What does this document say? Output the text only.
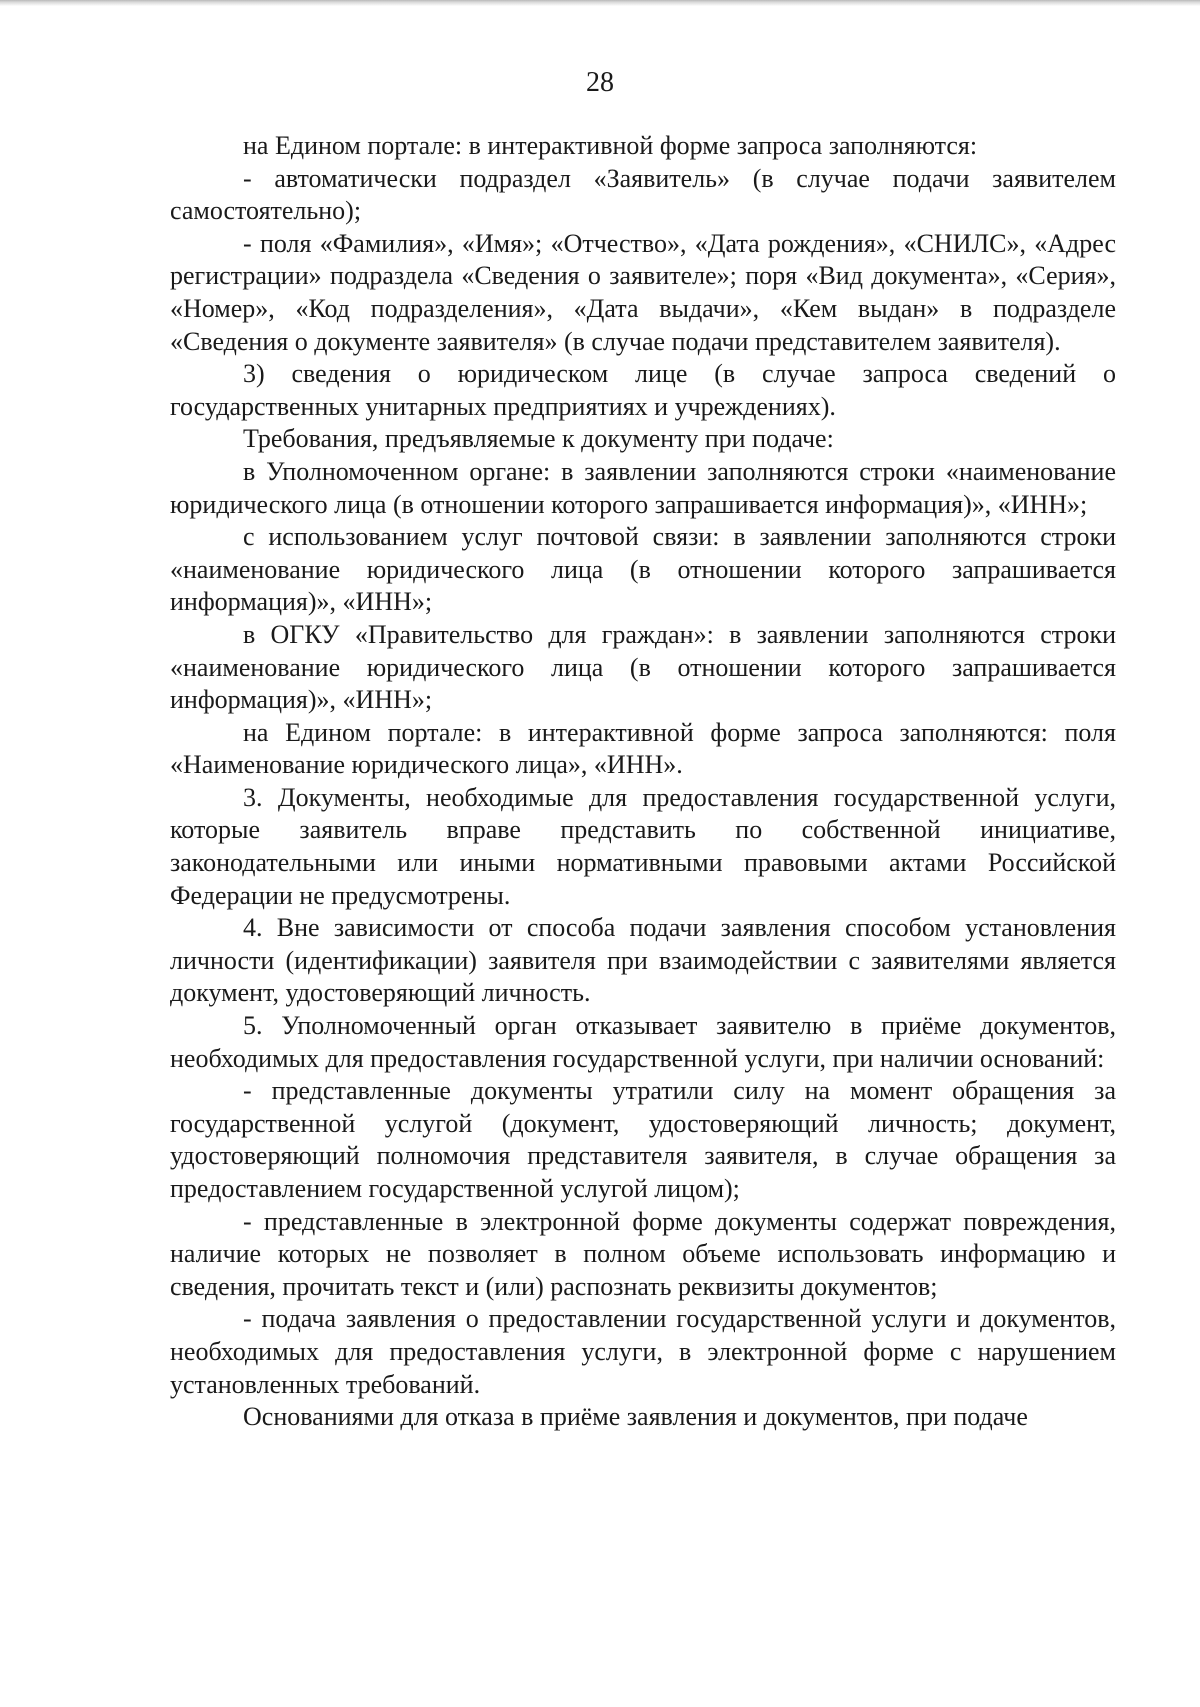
28

на Едином портале: в интерактивной форме запроса заполняются:

- автоматически подраздел «Заявитель» (в случае подачи заявителем самостоятельно);

- поля «Фамилия», «Имя»; «Отчество», «Дата рождения», «СНИЛС», «Адрес регистрации» подраздела «Сведения о заявителе»; поря «Вид документа», «Серия», «Номер», «Код подразделения», «Дата выдачи», «Кем выдан» в подразделе «Сведения о документе заявителя» (в случае подачи представителем заявителя).

3) сведения о юридическом лице (в случае запроса сведений о государственных унитарных предприятиях и учреждениях).

Требования, предъявляемые к документу при подаче:

в Уполномоченном органе: в заявлении заполняются строки «наименование юридического лица (в отношении которого запрашивается информация)», «ИНН»;

с использованием услуг почтовой связи: в заявлении заполняются строки «наименование юридического лица (в отношении которого запрашивается информация)», «ИНН»;

в ОГКУ «Правительство для граждан»: в заявлении заполняются строки «наименование юридического лица (в отношении которого запрашивается информация)», «ИНН»;

на Едином портале: в интерактивной форме запроса заполняются: поля «Наименование юридического лица», «ИНН».

3. Документы, необходимые для предоставления государственной услуги, которые заявитель вправе представить по собственной инициативе, законодательными или иными нормативными правовыми актами Российской Федерации не предусмотрены.

4. Вне зависимости от способа подачи заявления способом установления личности (идентификации) заявителя при взаимодействии с заявителями является документ, удостоверяющий личность.

5. Уполномоченный орган отказывает заявителю в приёме документов, необходимых для предоставления государственной услуги, при наличии оснований:

- представленные документы утратили силу на момент обращения за государственной услугой (документ, удостоверяющий личность; документ, удостоверяющий полномочия представителя заявителя, в случае обращения за предоставлением государственной услугой лицом);

- представленные в электронной форме документы содержат повреждения, наличие которых не позволяет в полном объеме использовать информацию и сведения, прочитать текст и (или) распознать реквизиты документов;

- подача заявления о предоставлении государственной услуги и документов, необходимых для предоставления услуги, в электронной форме с нарушением установленных требований.

Основаниями для отказа в приёме заявления и документов, при подаче
